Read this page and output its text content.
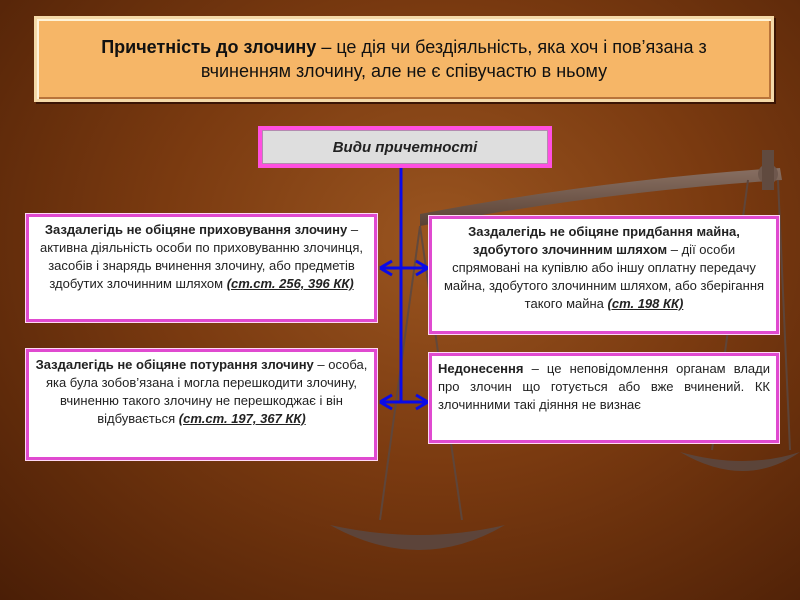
Причетність до злочину – це дія чи бездіяльність, яка хоч і пов’язана з вчиненням злочину, але не є співучастю в ньому
Види причетності
Заздалегідь не обіцяне приховування злочину – активна діяльність особи по приховуванню злочинця, засобів і знарядь вчинення злочину, або предметів здобутих злочинним шляхом (ст.ст. 256, 396 КК)
Заздалегідь не обіцяне потурання злочину – особа, яка була зобов’язана і могла перешкодити злочину, вчиненню такого злочину не перешкоджає і він відбувається (ст.ст. 197, 367 КК)
Заздалегідь не обіцяне придбання майна, здобутого злочинним шляхом – дії особи спрямовані на купівлю або іншу оплатну передачу майна, здобутого злочинним шляхом, або зберігання такого майна (ст. 198 КК)
Недонесення – це неповідомлення органам влади про злочин що готується або вже вчинений. КК злочинними такі діяння не визнає
